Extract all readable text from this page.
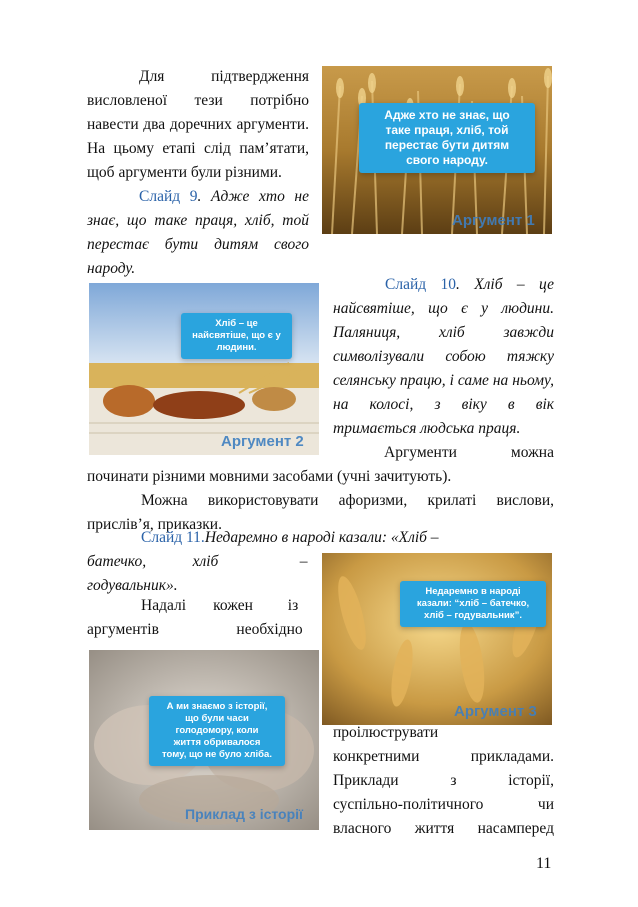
Для підтвердження висловленої тези потрібно навести два доречних аргументи. На цьому етапі слід пам’ятати, щоб аргументи були різними.
Слайд 9. Адже хто не знає, що таке праця, хліб, той перестає бути дитям свого народу.
Адже хто не знає, що
таке праця, хліб, той
перестає бути дитям
свого народу.
Аргумент 1
Хліб – це
найсвятіше, що є у
людини.
Аргумент 2
Слайд 10. Хліб – це найсвятіше, що є у людини. Паляниця, хліб завжди символізували собою тяжку селянську працю, і саме на ньому, на колосі, з віку в вік тримається людська праця.
Аргументи можна починати різними мовними засобами (учні зачитують).
Можна використовувати афоризми, крилаті вислови, прислів’я, приказки.
Слайд 11.Недаремно в народі казали: «Хліб –
батечко,            хліб                     –
годувальник».
Надалі       кожен         із
аргументів                    необхідно
Недаремно в народі
казали: “хліб – батечко,
хліб – годувальник”.
Аргумент 3
А ми знаємо з історії,
що були часи
голодомору, коли
життя обривалося
тому, що не було хліба.
Приклад з історії
проілюструвати

конкретними прикладами.
Приклади з історії,
суспільно-політичного чи
власного життя насамперед
11
